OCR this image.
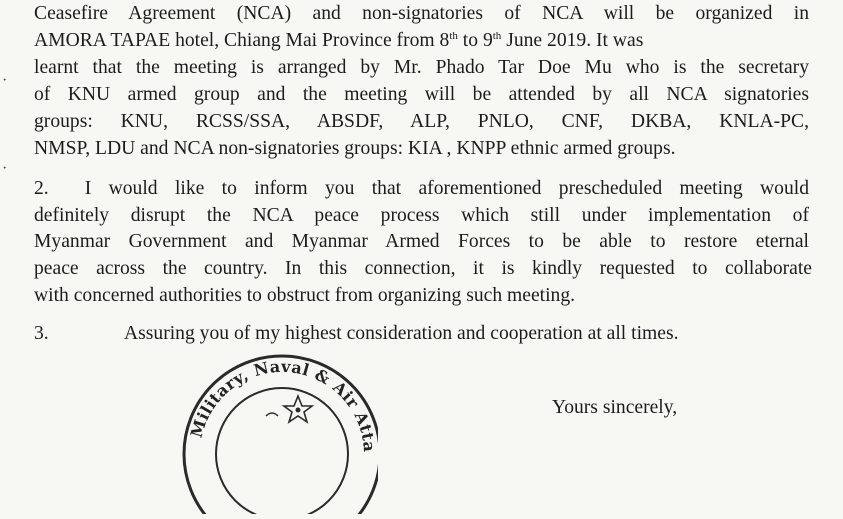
·
·

Ceasefire Agreement (NCA) and non-signatories of NCA will be organized in

AMORA TAPAE hotel, Chiang Mai Province from 8th to 9th June 2019. It was

learnt that the meeting is arranged by Mr. Phado Tar Doe Mu who is the secretary

of KNU armed group and the meeting will be attended by all NCA signatories

groups: KNU, RCSS/SSA, ABSDF, ALP, PNLO, CNF, DKBA, KNLA-PC,

NMSP, LDU and NCA non-signatories groups: KIA , KNPP ethnic armed groups.

2. I would like to inform you that aforementioned prescheduled meeting would

definitely disrupt the NCA peace process which still under implementation of

Myanmar Government and Myanmar Armed Forces to be able to restore eternal

peace across the country. In this connection, it is kindly requested to collaborate

with concerned authorities to obstruct from organizing such meeting.

3.	Assuring you of my highest consideration and cooperation at all times.

Military, Naval & Air Atta

Yours sincerely,
